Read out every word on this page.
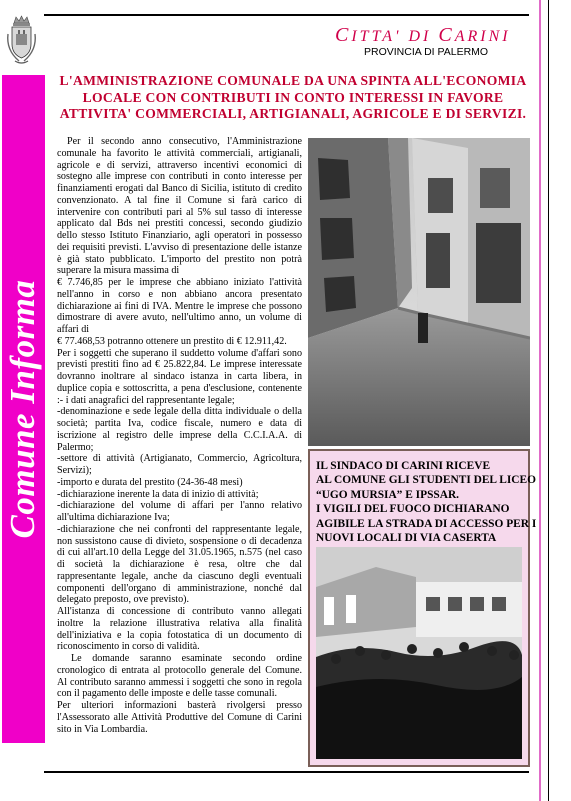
CITTA' DI CARINI
PROVINCIA DI PALERMO
Comune Informa
L'AMMINISTRAZIONE COMUNALE DA UNA SPINTA ALL'ECONOMIA
LOCALE CON CONTRIBUTI IN CONTO INTERESSI IN FAVORE
ATTIVITA' COMMERCIALI, ARTIGIANALI, AGRICOLE E DI SERVIZI.

Per il secondo anno consecutivo, l'Amministrazione comunale ha favorito le attività commerciali, artigianali, agricole e di servizi, attraverso incentivi economici di sostegno alle imprese con contributi in conto interesse per finanziamenti erogati dal Banco di Sicilia, istituto di credito convenzionato. A tal fine il Comune si farà carico di intervenire con contributi pari al 5% sul tasso di interesse applicato dal Bds nei prestiti concessi, secondo giudizio dello stesso Istituto Finanziario, agli operatori in possesso dei requisiti previsti. L'avviso di presentazione delle istanze è già stato pubblicato. L'importo del prestito non potrà superare la misura massima di

€ 7.746,85 per le imprese che abbiano iniziato l'attività nell'anno in corso e non abbiano ancora presentato dichiarazione ai fini di IVA. Mentre le imprese che possono dimostrare di avere avuto, nell'ultimo anno, un volume di affari di

€ 77.468,53 potranno ottenere un prestito di € 12.911,42.

Per i soggetti che superano il suddetto volume d'affari sono previsti prestiti fino ad € 25.822,84. Le imprese interessate dovranno inoltrare al sindaco istanza in carta libera, in duplice copia e sottoscritta, a pena d'esclusione, contenente :- i dati anagrafici del rappresentante legale;

-denominazione e sede legale della ditta individuale o della società; partita Iva, codice fiscale, numero e data di iscrizione al registro delle imprese della C.C.I.A.A. di Palermo;

-settore di attività (Artigianato, Commercio, Agricoltura, Servizi);

-importo e durata del prestito (24-36-48 mesi)

-dichiarazione inerente la data di inizio di attività;

-dichiarazione del volume di affari per l'anno relativo all'ultima dichiarazione Iva;

-dichiarazione che nei confronti del rappresentante legale, non sussistono cause di divieto, sospensione o di decadenza di cui all'art.10 della Legge del 31.05.1965, n.575 (nel caso di società la dichiarazione è resa, oltre che dal rappresentante legale, anche da ciascuno degli eventuali componenti dell'organo di amministrazione, nonché dal delegato preposto, ove previsto).

All'istanza di concessione di contributo vanno allegati inoltre la relazione illustrativa relativa alla finalità dell'iniziativa e la copia fotostatica di un documento di riconoscimento in corso di validità.

Le domande saranno esaminate secondo ordine cronologico di entrata al protocollo generale del Comune. Al contributo saranno ammessi i soggetti che sono in regola con il pagamento delle imposte e delle tasse comunali.

Per ulteriori informazioni basterà rivolgersi presso l'Assessorato alle Attività Produttive del Comune di Carini sito in Via Lombardia.

IL SINDACO DI CARINI RICEVE
AL COMUNE GLI STUDENTI DEL LICEO
“UGO MURSIA” E IPSSAR.
I VIGILI DEL FUOCO DICHIARANO
AGIBILE LA STRADA DI ACCESSO PER I
NUOVI LOCALI DI VIA CASERTA
